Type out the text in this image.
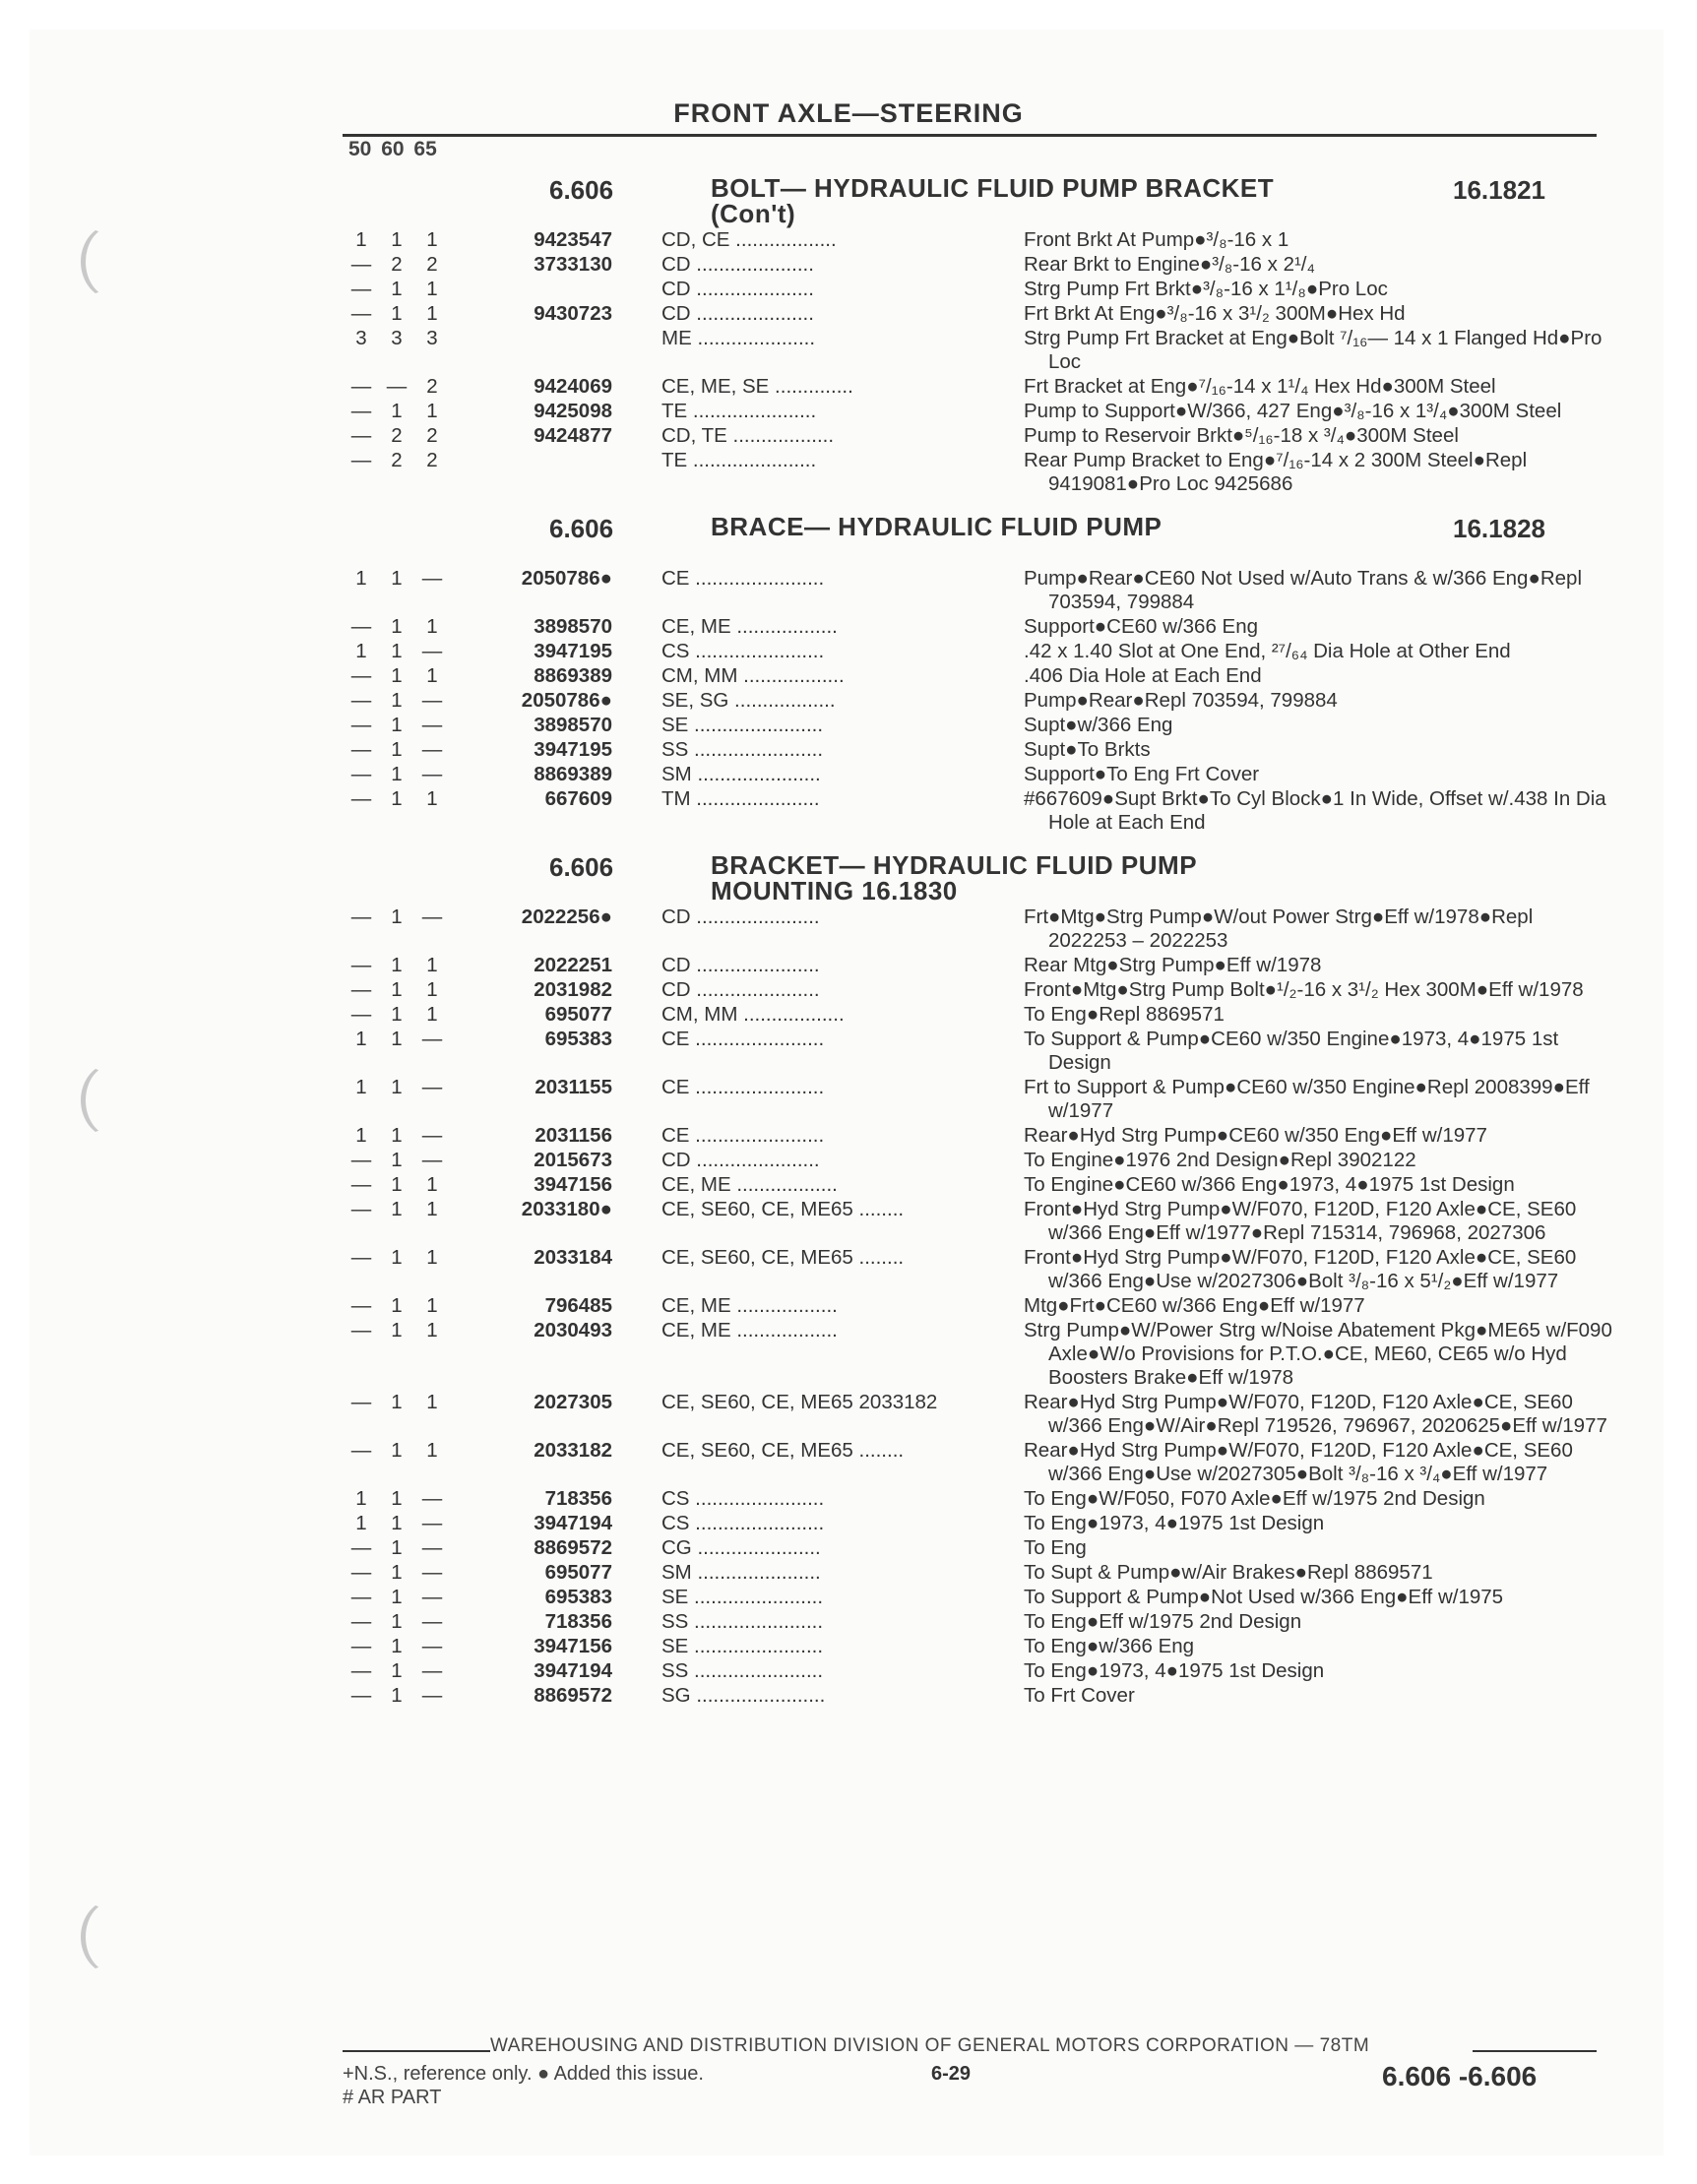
FRONT AXLE—STEERING
50 60 65
6.606	BOLT— HYDRAULIC FLUID PUMP BRACKET
(Con't)
16.1821
1	1	1	9423547 CD, CE ..................	Front Brkt At Pump●³/₈-16 x 1
— 2	2	3733130 CD .....................	Rear Brkt to Engine●³/₈-16 x 2¹/₄
— 1	1	CD .....................	Strg Pump Frt Brkt●³/₈-16 x 1¹/₈●Pro Loc
— 1	1	9430723 CD .....................	Frt Brkt At Eng●³/₈-16 x 3¹/₂ 300M●Hex Hd
3	3	3	ME .....................	Strg Pump Frt Bracket at Eng●Bolt ⁷/₁₆— 14 x 1 Flanged Hd●Pro Loc
— — 2	9424069 CE, ME, SE ..............	Frt Bracket at Eng●⁷/₁₆-14 x 1¹/₄ Hex Hd●300M Steel
— 1	1	9425098 TE ......................	Pump to Support●W/366, 427 Eng●³/₈-16 x 1³/₄●300M Steel
— 2	2	9424877 CD, TE ..................	Pump to Reservoir Brkt●⁵/₁₆-18 x ³/₄●300M Steel
— 2	2	TE ......................	Rear Pump Bracket to Eng●⁷/₁₆-14 x 2 300M Steel●Repl 9419081●Pro Loc 9425686
6.606	BRACE— HYDRAULIC FLUID PUMP	16.1828
1	1 —	2050786● CE .......................	Pump●Rear●CE60 Not Used w/Auto Trans & w/366 Eng●Repl 703594, 799884
— 1	1	3898570 CE, ME ..................	Support●CE60 w/366 Eng
1	1 —	3947195 CS .......................	.42 x 1.40 Slot at One End, ²⁷/₆₄ Dia Hole at Other End
— 1	1	8869389 CM, MM ..................	.406 Dia Hole at Each End
— 1 —	2050786● SE, SG ..................	Pump●Rear●Repl 703594, 799884
— 1 —	3898570 SE .......................	Supt●w/366 Eng
— 1 —	3947195 SS .......................	Supt●To Brkts
— 1 —	8869389 SM ......................	Support●To Eng Frt Cover
— 1	1	667609 TM ......................	#667609●Supt Brkt●To Cyl Block●1 In Wide, Offset w/.438 In Dia Hole at Each End
6.606	BRACKET— HYDRAULIC FLUID PUMP
MOUNTING 16.1830
— 1 —	2022256● CD ......................	Frt●Mtg●Strg Pump●W/out Power Strg●Eff w/1978●Repl 2022253 – 2022253
— 1	1	2022251 CD ......................	Rear Mtg●Strg Pump●Eff w/1978
— 1	1	2031982 CD ......................	Front●Mtg●Strg Pump Bolt●¹/₂-16 x 3¹/₂ Hex 300M●Eff w/1978
— 1	1	695077 CM, MM ..................	To Eng●Repl 8869571
1	1 —	695383 CE .......................	To Support & Pump●CE60 w/350 Engine●1973, 4●1975 1st Design
1	1 —	2031155 CE .......................	Frt to Support & Pump●CE60 w/350 Engine●Repl 2008399●Eff w/1977
1	1 —	2031156 CE .......................	Rear●Hyd Strg Pump●CE60 w/350 Eng●Eff w/1977
— 1 —	2015673 CD ......................	To Engine●1976 2nd Design●Repl 3902122
— 1	1	3947156 CE, ME ..................	To Engine●CE60 w/366 Eng●1973, 4●1975 1st Design
— 1	1	2033180● CE, SE60, CE, ME65 ........	Front●Hyd Strg Pump●W/F070, F120D, F120 Axle●CE, SE60 w/366 Eng●Eff w/1977●Repl 715314, 796968, 2027306
— 1	1	2033184 CE, SE60, CE, ME65 ........	Front●Hyd Strg Pump●W/F070, F120D, F120 Axle●CE, SE60 w/366 Eng●Use w/2027306●Bolt ³/₈-16 x 5¹/₂●Eff w/1977
— 1	1	796485 CE, ME ..................	Mtg●Frt●CE60 w/366 Eng●Eff w/1977
— 1	1	2030493 CE, ME ..................	Strg Pump●W/Power Strg w/Noise Abatement Pkg●ME65 w/F090 Axle●W/o Provisions for P.T.O.●CE, ME60, CE65 w/o Hyd Boosters Brake●Eff w/1978
— 1	1	2027305 CE, SE60, CE, ME65 2033182	Rear●Hyd Strg Pump●W/F070, F120D, F120 Axle●CE, SE60 w/366 Eng●W/Air●Repl 719526, 796967, 2020625●Eff w/1977
— 1	1	2033182 CE, SE60, CE, ME65 ........	Rear●Hyd Strg Pump●W/F070, F120D, F120 Axle●CE, SE60 w/366 Eng●Use w/2027305●Bolt ³/₈-16 x ³/₄●Eff w/1977
1	1 —	718356 CS .......................	To Eng●W/F050, F070 Axle●Eff w/1975 2nd Design
1	1 —	3947194 CS .......................	To Eng●1973, 4●1975 1st Design
— 1 —	8869572 CG ......................	To Eng
— 1 —	695077 SM ......................	To Supt & Pump●w/Air Brakes●Repl 8869571
— 1 —	695383 SE .......................	To Support & Pump●Not Used w/366 Eng●Eff w/1975
— 1 —	718356 SS .......................	To Eng●Eff w/1975 2nd Design
— 1 —	3947156 SE .......................	To Eng●w/366 Eng
— 1 —	3947194 SS .......................	To Eng●1973, 4●1975 1st Design
— 1 —	8869572 SG .......................	To Frt Cover
WAREHOUSING AND DISTRIBUTION DIVISION OF GENERAL MOTORS CORPORATION — 78TM
+N.S., reference only. ● Added this issue.	6-29	6.606 -6.606
# AR PART
